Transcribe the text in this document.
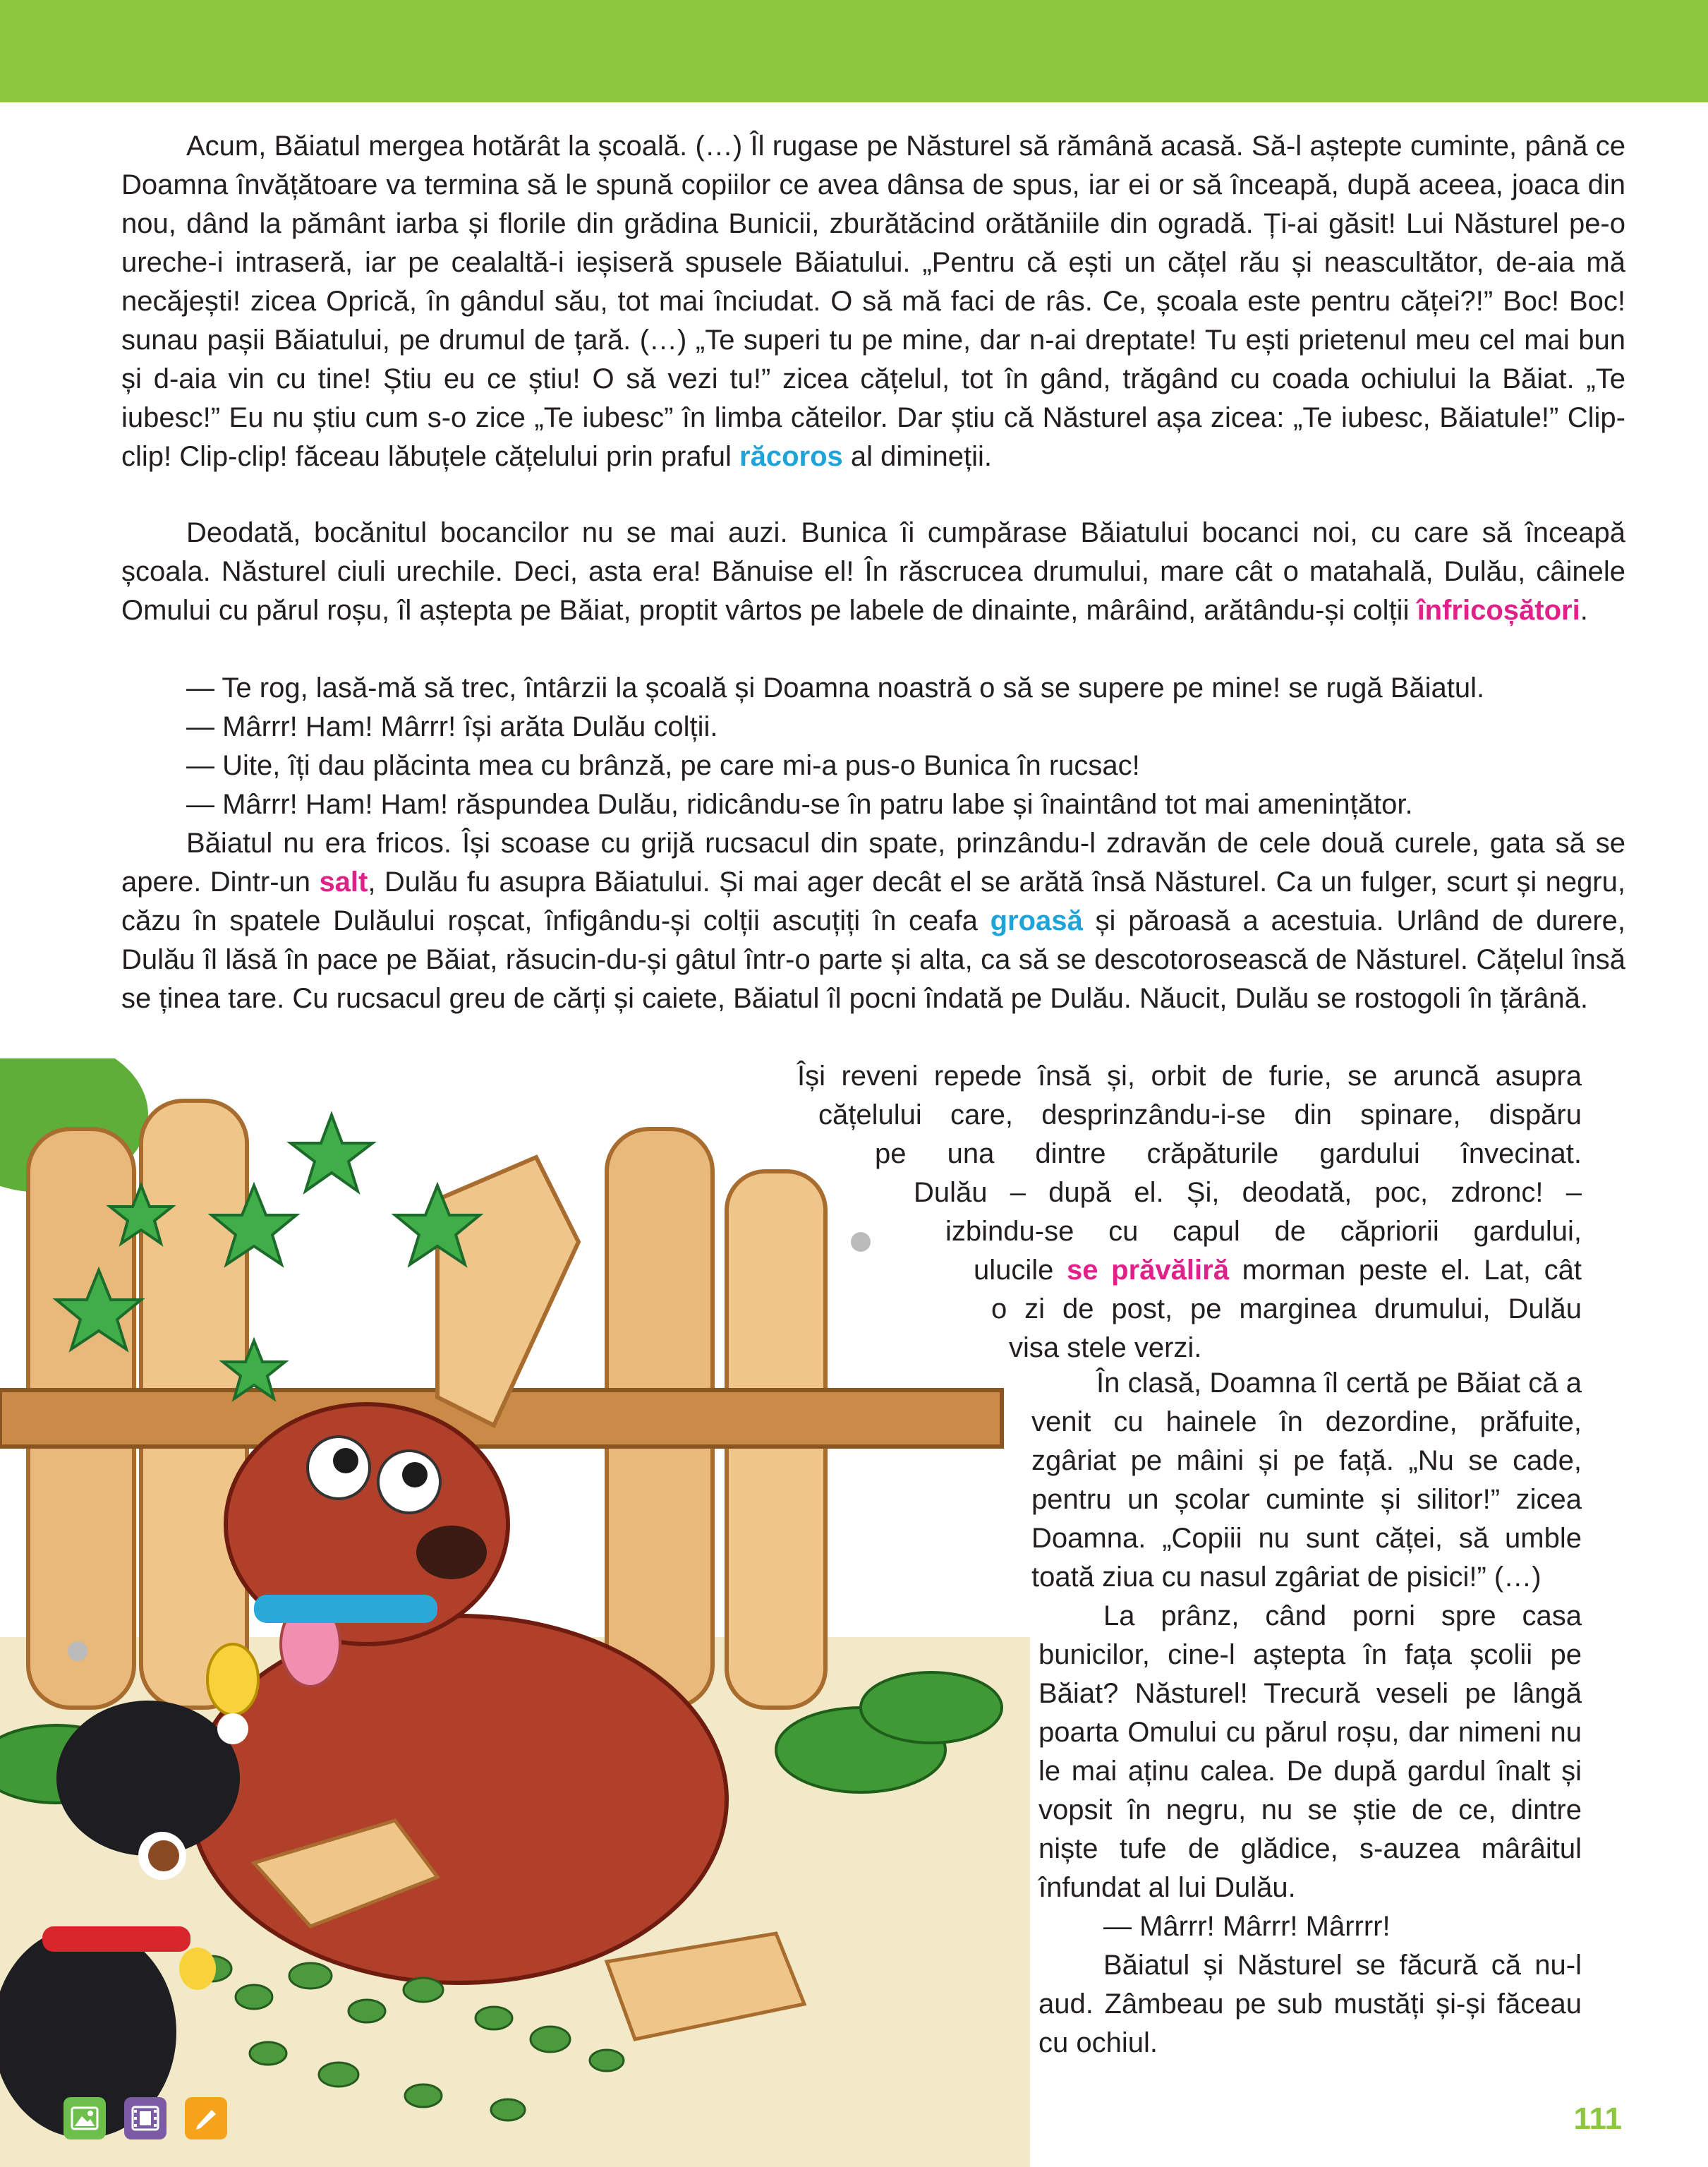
Acum, Băiatul mergea hotărât la școală. (…) Îl rugase pe Năsturel să rămână acasă. Să-l aștepte cuminte, până ce Doamna învățătoare va termina să le spună copiilor ce avea dânsa de spus, iar ei or să înceapă, după aceea, joaca din nou, dând la pământ iarba și florile din grădina Bunicii, zburătăcind orătăniile din ogradă. Ți-ai găsit! Lui Năsturel pe-o ureche-i intraseră, iar pe cealaltă-i ieșiseră spusele Băiatului. „Pentru că ești un cățel rău și neascultător, de-aia mă necăjești! zicea Oprică, în gândul său, tot mai înciudat. O să mă faci de râs. Ce, școala este pentru căței?!” Boc! Boc! sunau pașii Băiatului, pe drumul de țară. (…) „Te superi tu pe mine, dar n-ai dreptate! Tu ești prietenul meu cel mai bun și d-aia vin cu tine! Știu eu ce știu! O să vezi tu!” zicea cățelul, tot în gând, trăgând cu coada ochiului la Băiat. „Te iubesc!” Eu nu știu cum s-o zice „Te iubesc” în limba căteilor. Dar știu că Năsturel așa zicea: „Te iubesc, Băiatule!” Clip-clip! Clip-clip! făceau lăbuțele cățelului prin praful răcoros al dimineții.

Deodată, bocănitul bocancilor nu se mai auzi. Bunica îi cumpărase Băiatului bocanci noi, cu care să înceapă școala. Năsturel ciuli urechile. Deci, asta era! Bănuise el! În răscrucea drumului, mare cât o matahală, Dulău, câinele Omului cu părul roșu, îl aștepta pe Băiat, proptit vârtos pe labele de dinainte, mârâind, arătându-și colții înfricoșători.

— Te rog, lasă-mă să trec, întârzii la școală și Doamna noastră o să se supere pe mine! se rugă Băiatul.

— Mârrr! Ham! Mârrr! își arăta Dulău colții.

— Uite, îți dau plăcinta mea cu brânză, pe care mi-a pus-o Bunica în rucsac!

— Mârrr! Ham! Ham! răspundea Dulău, ridicându-se în patru labe și înaintând tot mai amenințător.

Băiatul nu era fricos. Își scoase cu grijă rucsacul din spate, prinzându-l zdravăn de cele două curele, gata să se apere. Dintr-un salt, Dulău fu asupra Băiatului. Și mai ager decât el se arătă însă Năsturel. Ca un fulger, scurt și negru, căzu în spatele Dulăului roșcat, înfigându-și colții ascuțiți în ceafa groasă și păroasă a acestuia. Urlând de durere, Dulău îl lăsă în pace pe Băiat, răsucin-du-și gâtul într-o parte și alta, ca să se descotorosească de Năsturel. Cățelul însă se ținea tare. Cu rucsacul greu de cărți și caiete, Băiatul îl pocni îndată pe Dulău. Năucit, Dulău se rostogoli în țărână.

Își reveni repede însă și, orbit de furie, se aruncă asupra

cățelului care, desprinzându-i-se din spinare, dispăru

pe una dintre crăpăturile gardului învecinat.

Dulău – după el. Și, deodată, poc, zdronc! –

izbindu-se cu capul de căpriorii gardului,

ulucile se prăvăliră morman peste el. Lat, cât

o zi de post, pe marginea drumului, Dulău

visa stele verzi.

În clasă, Doamna îl certă pe Băiat că a venit cu hainele în dezordine, prăfuite, zgâriat pe mâini și pe față. „Nu se cade, pentru un școlar cuminte și silitor!” zicea Doamna. „Copiii nu sunt căței, să umble toată ziua cu nasul zgâriat de pisici!” (…)

La prânz, când porni spre casa bunicilor, cine-l aștepta în fața școlii pe Băiat? Năsturel! Trecură veseli pe lângă poarta Omului cu părul roșu, dar nimeni nu le mai aținu calea. De după gardul înalt și vopsit în negru, nu se știe de ce, dintre niște tufe de glădice, s-auzea mârâitul înfundat al lui Dulău.

— Mârrr! Mârrr! Mârrrr!

Băiatul și Năsturel se făcură că nu-l aud. Zâmbeau pe sub mustăți și-și făceau cu ochiul.

111
